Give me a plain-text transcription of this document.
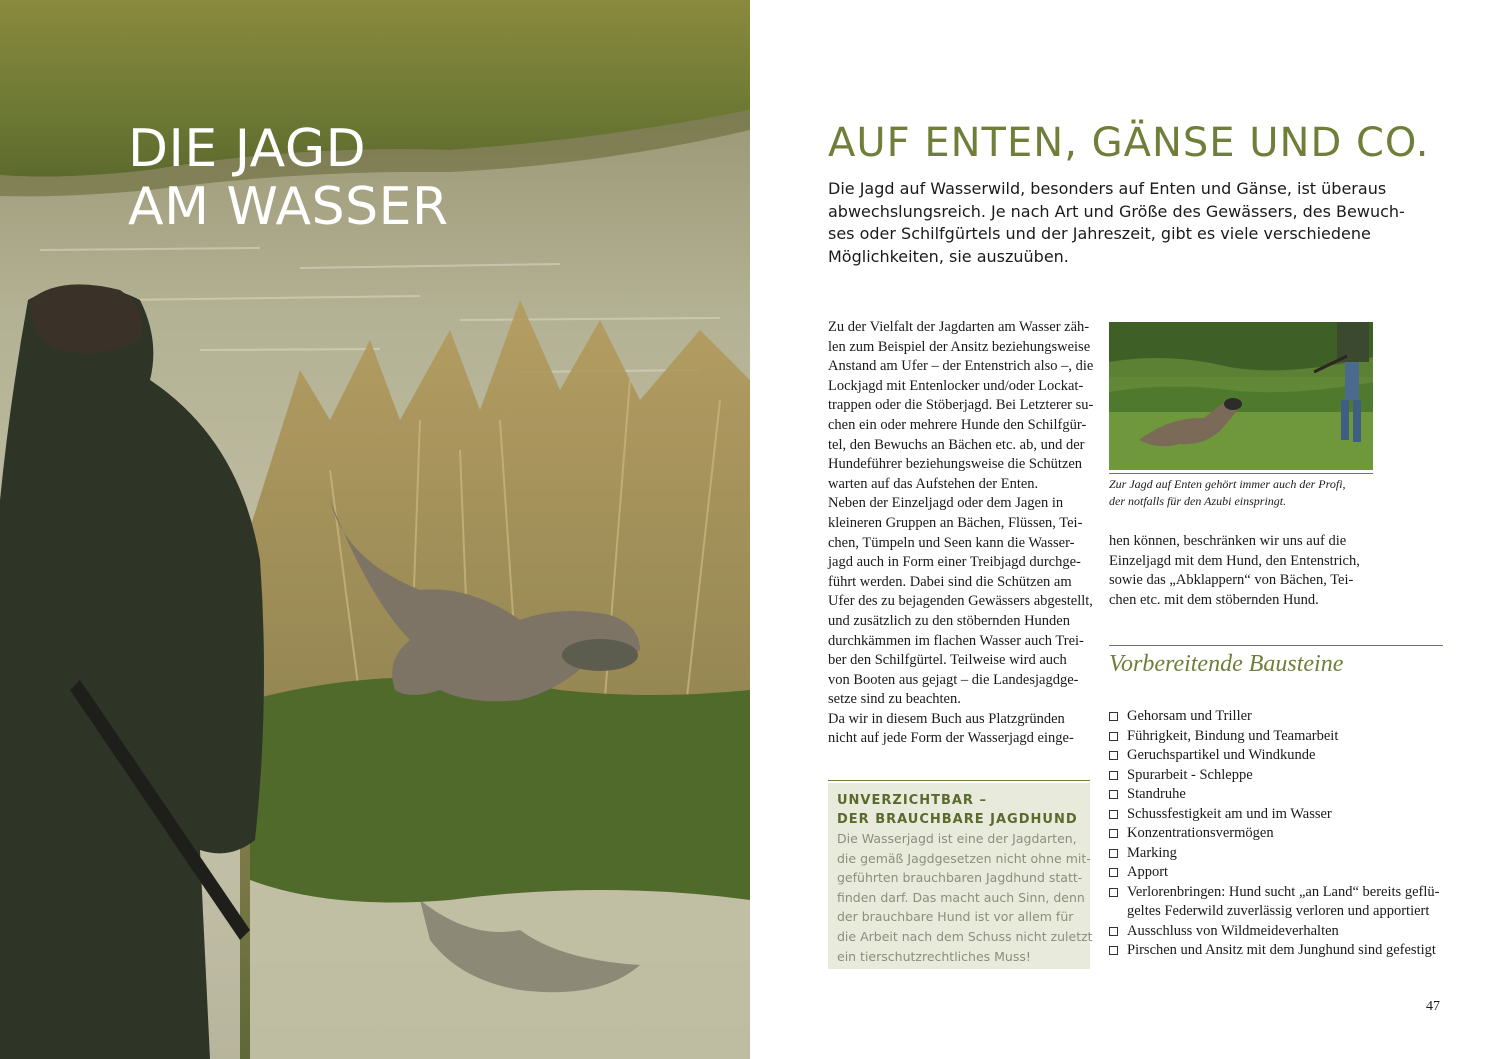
DIE JAGD
AM WASSER
AUF ENTEN, GÄNSE UND CO.

Die Jagd auf Wasserwild, besonders auf Enten und Gänse, ist überaus
abwechslungsreich. Je nach Art und Größe des Gewässers, des Bewuch-
ses oder Schilfgürtels und der Jahreszeit, gibt es viele verschiedene
Möglichkeiten, sie auszuüben.

Zu der Vielfalt der Jagdarten am Wasser zäh-
len zum Beispiel der Ansitz beziehungsweise
Anstand am Ufer – der Entenstrich also –, die
Lockjagd mit Entenlocker und/oder Lockat-
trappen oder die Stöberjagd. Bei Letzterer su-
chen ein oder mehrere Hunde den Schilfgür-
tel, den Bewuchs an Bächen etc. ab, und der
Hundeführer beziehungsweise die Schützen
warten auf das Aufstehen der Enten.
Neben der Einzeljagd oder dem Jagen in
kleineren Gruppen an Bächen, Flüssen, Tei-
chen, Tümpeln und Seen kann die Wasser-
jagd auch in Form einer Treibjagd durchge-
führt werden. Dabei sind die Schützen am
Ufer des zu bejagenden Gewässers abgestellt,
und zusätzlich zu den stöbernden Hunden
durchkämmen im flachen Wasser auch Trei-
ber den Schilfgürtel. Teilweise wird auch
von Booten aus gejagt – die Landesjagdge-
setze sind zu beachten.
Da wir in diesem Buch aus Platzgründen
nicht auf jede Form der Wasserjagd einge-
Zur Jagd auf Enten gehört immer auch der Profi,
der notfalls für den Azubi einspringt.
hen können, beschränken wir uns auf die
Einzeljagd mit dem Hund, den Entenstrich,
sowie das „Abklappern“ von Bächen, Tei-
chen etc. mit dem stöbernden Hund.
UNVERZICHTBAR –
DER BRAUCHBARE JAGDHUND
Die Wasserjagd ist eine der Jagdarten,
die gemäß Jagdgesetzen nicht ohne mit-
geführten brauchbaren Jagdhund statt-
finden darf. Das macht auch Sinn, denn
der brauchbare Hund ist vor allem für
die Arbeit nach dem Schuss nicht zuletzt
ein tierschutzrechtliches Muss!
Vorbereitende Bausteine
Gehorsam und Triller
Führigkeit, Bindung und Teamarbeit
Geruchspartikel und Windkunde
Spurarbeit - Schleppe
Standruhe
Schussfestigkeit am und im Wasser
Konzentrationsvermögen
Marking
Apport
Verlorenbringen: Hund sucht „an Land“ bereits geflü-
geltes Federwild zuverlässig verloren und apportiert
Ausschluss von Wildmeideverhalten
Pirschen und Ansitz mit dem Junghund sind gefestigt
47
